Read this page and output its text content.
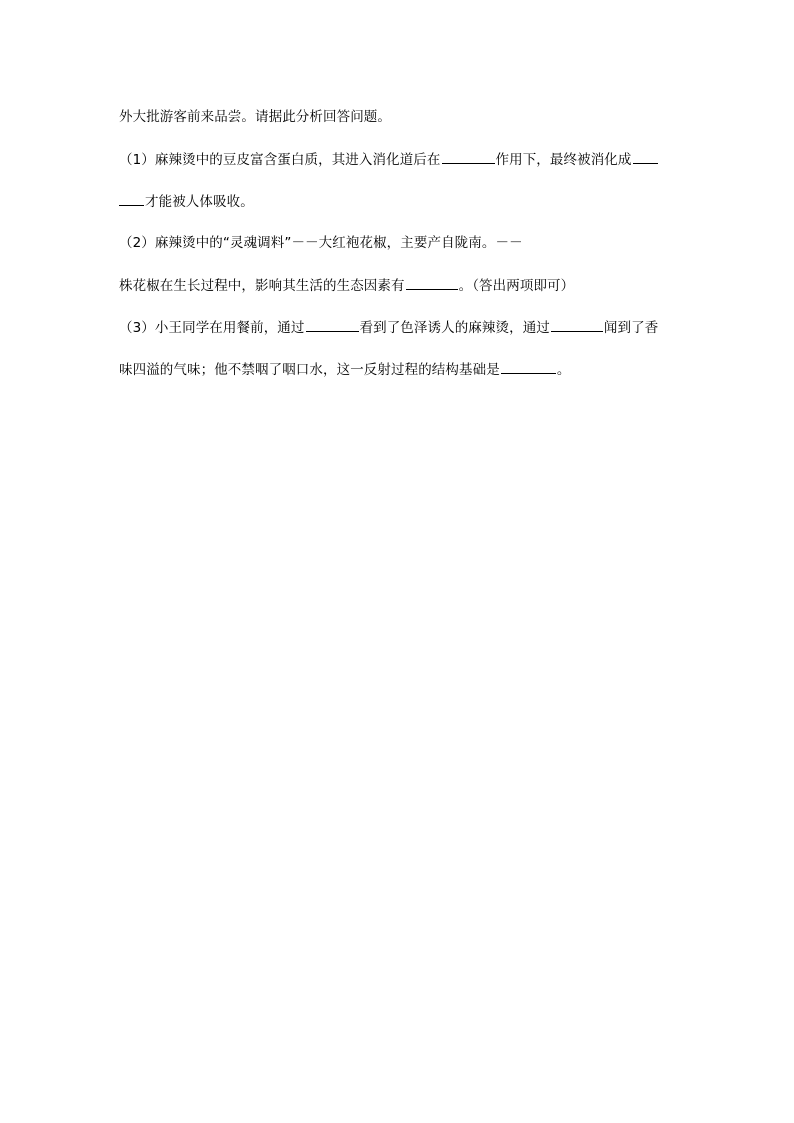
外大批游客前来品尝。请据此分析回答问题。
（1）麻辣烫中的豆皮富含蛋白质，其进入消化道后在	作用下，最终被消化成
才能被人体吸收。
（2）麻辣烫中的“灵魂调料”－－大红袍花椒，主要产自陇南。－－
株花椒在生长过程中，影响其生活的生态因素有	。（答出两项即可）
（3）小王同学在用餐前，通过	看到了色泽诱人的麻辣烫，通过	闻到了香
味四溢的气味；他不禁咽了咽口水，这一反射过程的结构基础是	。
